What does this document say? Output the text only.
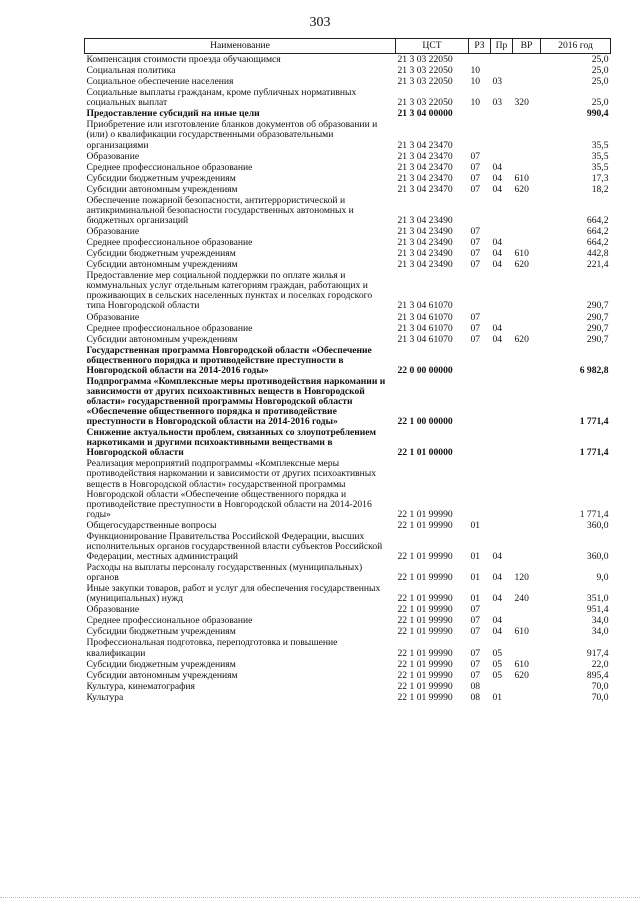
303
Наименование	ЦСТ	РЗ	Пр	ВР	2016 год
Компенсация стоимости проезда обучающимся	21 3 03 22050				25,0
Социальная политика	21 3 03 22050	10			25,0
Социальное обеспечение населения	21 3 03 22050	10	03		25,0
Социальные выплаты гражданам, кроме публичных нормативных социальных выплат	21 3 03 22050	10	03	320	25,0
Предоставление субсидий на иные цели	21 3 04 00000				990,4
Приобретение или изготовление бланков документов об образовании и (или) о квалификации государственными образовательными организациями	21 3 04 23470				35,5
Образование	21 3 04 23470	07			35,5
Среднее профессиональное образование	21 3 04 23470	07	04		35,5
Субсидии бюджетным учреждениям	21 3 04 23470	07	04	610	17,3
Субсидии автономным учреждениям	21 3 04 23470	07	04	620	18,2
Обеспечение пожарной безопасности, антитеррористической и антикриминальной безопасности государственных автономных и бюджетных организаций	21 3 04 23490				664,2
Образование	21 3 04 23490	07			664,2
Среднее профессиональное образование	21 3 04 23490	07	04		664,2
Субсидии бюджетным учреждениям	21 3 04 23490	07	04	610	442,8
Субсидии автономным учреждениям	21 3 04 23490	07	04	620	221,4
Предоставление мер социальной поддержки по оплате жилья и коммунальных услуг отдельным категориям граждан, работающих и проживающих в сельских населенных пунктах и поселках городского типа Новгородской области	21 3 04 61070				290,7
Образование	21 3 04 61070	07			290,7
Среднее профессиональное образование	21 3 04 61070	07	04		290,7
Субсидии автономным учреждениям	21 3 04 61070	07	04	620	290,7
Государственная программа Новгородской области «Обеспечение общественного порядка и противодействие преступности в Новгородской области на 2014-2016 годы»	22 0 00 00000				6 982,8
Подпрограмма «Комплексные меры противодействия наркомании и зависимости от других психоактивных веществ в Новгородской области» государственной программы Новгородской области «Обеспечение общественного порядка и противодействие преступности в Новгородской области на 2014-2016 годы»	22 1 00 00000				1 771,4
Снижение актуальности проблем, связанных со злоупотреблением наркотиками и другими психоактивными веществами в Новгородской области	22 1 01 00000				1 771,4
Реализация мероприятий подпрограммы «Комплексные меры противодействия наркомании и зависимости от других психоактивных веществ в Новгородской области» государственной программы Новгородской области «Обеспечение общественного порядка и противодействие преступности в Новгородской области на 2014-2016 годы»	22 1 01 99990				1 771,4
Общегосударственные вопросы	22 1 01 99990	01			360,0
Функционирование Правительства Российской Федерации, высших исполнительных органов государственной власти субъектов Российской Федерации, местных администраций	22 1 01 99990	01	04		360,0
Расходы на выплаты персоналу государственных (муниципальных) органов	22 1 01 99990	01	04	120	9,0
Иные закупки товаров, работ и услуг для обеспечения государственных (муниципальных) нужд	22 1 01 99990	01	04	240	351,0
Образование	22 1 01 99990	07			951,4
Среднее профессиональное образование	22 1 01 99990	07	04		34,0
Субсидии бюджетным учреждениям	22 1 01 99990	07	04	610	34,0
Профессиональная подготовка, переподготовка и повышение квалификации	22 1 01 99990	07	05		917,4
Субсидии бюджетным учреждениям	22 1 01 99990	07	05	610	22,0
Субсидии автономным учреждениям	22 1 01 99990	07	05	620	895,4
Культура, кинематография	22 1 01 99990	08			70,0
Культура	22 1 01 99990	08	01		70,0
